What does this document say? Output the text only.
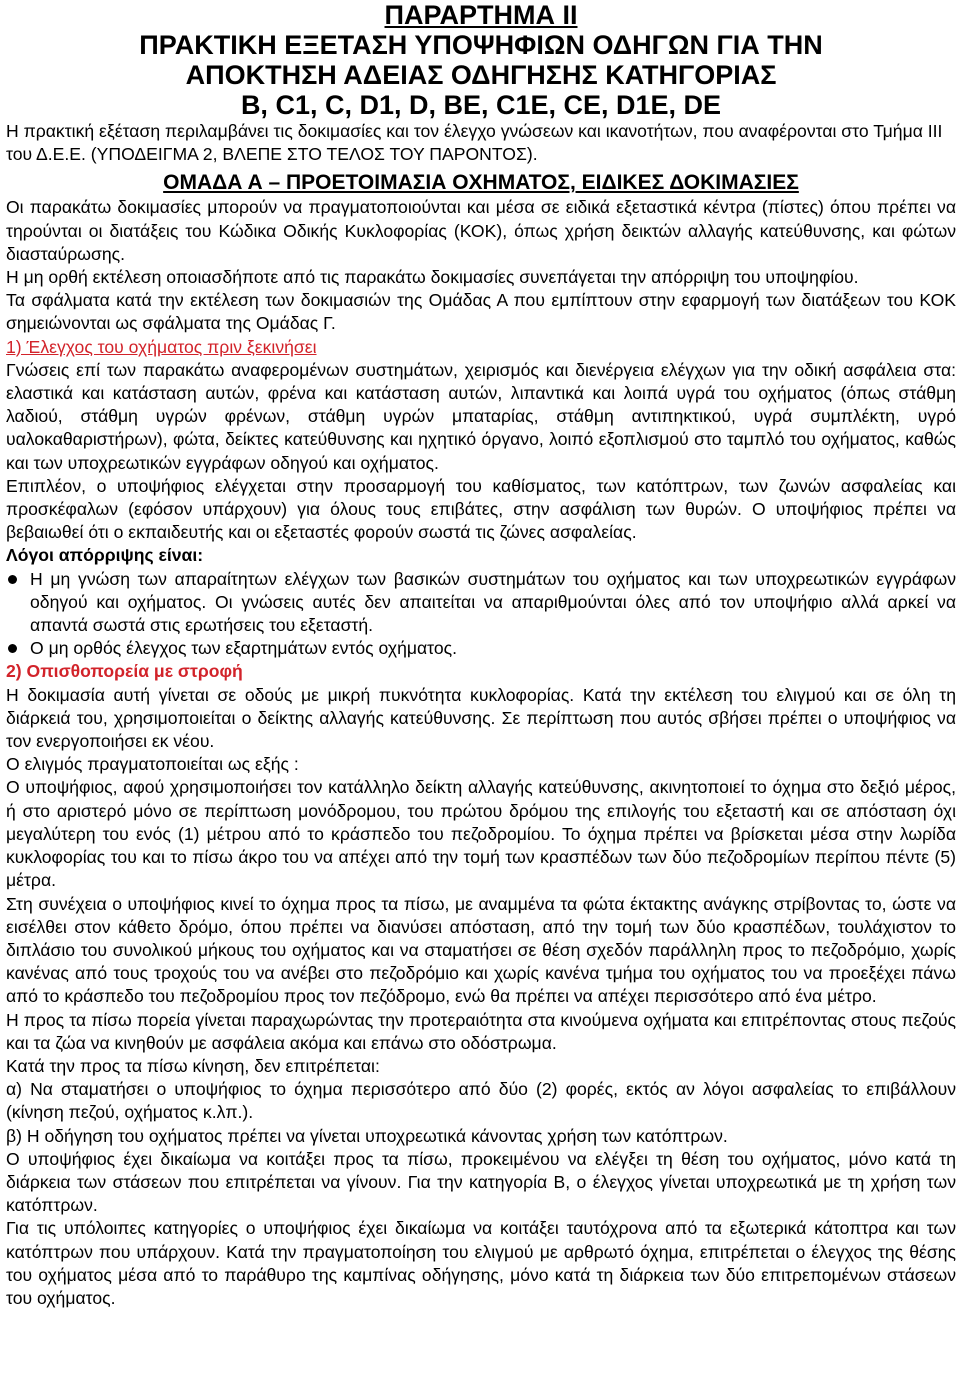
ΠΑΡΑΡΤΗΜΑ ΙΙ
ΠΡΑΚΤΙΚΗ ΕΞΕΤΑΣΗ ΥΠΟΨΗΦΙΩΝ ΟΔΗΓΩΝ ΓΙΑ ΤΗΝ
ΑΠΟΚΤΗΣΗ ΑΔΕΙΑΣ ΟΔΗΓΗΣΗΣ ΚΑΤΗΓΟΡΙΑΣ
B, C1, C, D1, D, BE, C1E, CE, D1E, DE

Η πρακτική εξέταση περιλαμβάνει τις δοκιμασίες και τον έλεγχο γνώσεων και ικανοτήτων, που αναφέρονται στο Τμήμα ΙΙΙ του Δ.Ε.Ε. (ΥΠΟΔΕΙΓΜΑ 2, ΒΛΕΠΕ ΣΤΟ ΤΕΛΟΣ ΤΟΥ ΠΑΡΟΝΤΟΣ).

ΟΜΑΔΑ Α – ΠΡΟΕΤΟΙΜΑΣΙΑ ΟΧΗΜΑΤΟΣ, ΕΙΔΙΚΕΣ ΔΟΚΙΜΑΣΙΕΣ

Οι παρακάτω δοκιμασίες μπορούν να πραγματοποιούνται και μέσα σε ειδικά εξεταστικά κέντρα (πίστες) όπου πρέπει να τηρούνται οι διατάξεις του Κώδικα Οδικής Κυκλοφορίας (ΚΟΚ), όπως χρήση δεικτών αλλαγής κατεύθυνσης, και φώτων διασταύρωσης.

Η μη ορθή εκτέλεση οποιασδήποτε από τις παρακάτω δοκιμασίες συνεπάγεται την απόρριψη του υποψηφίου.

Τα σφάλματα κατά την εκτέλεση των δοκιμασιών της Ομάδας Α που εμπίπτουν στην εφαρμογή των διατάξεων του ΚΟΚ σημειώνονται ως σφάλματα της Ομάδας Γ.

1) Έλεγχος του οχήματος πριν ξεκινήσει

Γνώσεις επί των παρακάτω αναφερομένων συστημάτων, χειρισμός και διενέργεια ελέγχων για την οδική ασφάλεια στα: ελαστικά και κατάσταση αυτών, φρένα και κατάσταση αυτών, λιπαντικά και λοιπά υγρά του οχήματος (όπως στάθμη λαδιού, στάθμη υγρών φρένων, στάθμη υγρών μπαταρίας, στάθμη αντιπηκτικού, υγρά συμπλέκτη, υγρό υαλοκαθαριστήρων), φώτα, δείκτες κατεύθυνσης και ηχητικό όργανο, λοιπό εξοπλισμού στο ταμπλό του οχήματος, καθώς και των υποχρεωτικών εγγράφων οδηγού και οχήματος.

Επιπλέον, ο υποψήφιος ελέγχεται στην προσαρμογή του καθίσματος, των κατόπτρων, των ζωνών ασφαλείας και προσκέφαλων (εφόσον υπάρχουν) για όλους τους επιβάτες, στην ασφάλιση των θυρών. Ο υποψήφιος πρέπει να βεβαιωθεί ότι ο εκπαιδευτής και οι εξεταστές φορούν σωστά τις ζώνες ασφαλείας.

Λόγοι απόρριψης είναι:

Η μη γνώση των απαραίτητων ελέγχων των βασικών συστημάτων του οχήματος και των υποχρεωτικών εγγράφων οδηγού και οχήματος. Οι γνώσεις αυτές δεν απαιτείται να απαριθμούνται όλες από τον υποψήφιο αλλά αρκεί να απαντά σωστά στις ερωτήσεις του εξεταστή.
Ο μη ορθός έλεγχος των εξαρτημάτων εντός οχήματος.
2) Οπισθοπορεία με στροφή

Η δοκιμασία αυτή γίνεται σε οδούς με μικρή πυκνότητα κυκλοφορίας. Κατά την εκτέλεση του ελιγμού και σε όλη τη διάρκειά του, χρησιμοποιείται ο δείκτης αλλαγής κατεύθυνσης. Σε περίπτωση που αυτός σβήσει πρέπει ο υποψήφιος να τον ενεργοποιήσει εκ νέου.

Ο ελιγμός πραγματοποιείται ως εξής :

Ο υποψήφιος, αφού χρησιμοποιήσει τον κατάλληλο δείκτη αλλαγής κατεύθυνσης, ακινητοποιεί το όχημα στο δεξιό μέρος, ή στο αριστερό μόνο σε περίπτωση μονόδρομου, του πρώτου δρόμου της επιλογής του εξεταστή και σε απόσταση όχι μεγαλύτερη του ενός (1) μέτρου από το κράσπεδο του πεζοδρομίου. Το όχημα πρέπει να βρίσκεται μέσα στην λωρίδα κυκλοφορίας του και το πίσω άκρο του να απέχει από την τομή των κρασπέδων των δύο πεζοδρομίων περίπου πέντε (5) μέτρα.

Στη συνέχεια ο υποψήφιος κινεί το όχημα προς τα πίσω, με αναμμένα τα φώτα έκτακτης ανάγκης στρίβοντας το, ώστε να εισέλθει στον κάθετο δρόμο, όπου πρέπει να διανύσει απόσταση, από την τομή των δύο κρασπέδων, τουλάχιστον το διπλάσιο του συνολικού μήκους του οχήματος και να σταματήσει σε θέση σχεδόν παράλληλη προς το πεζοδρόμιο, χωρίς κανένας από τους τροχούς του να ανέβει στο πεζοδρόμιο και χωρίς κανένα τμήμα του οχήματος του να προεξέχει πάνω από το κράσπεδο του πεζοδρομίου προς τον πεζόδρομο, ενώ θα πρέπει να απέχει περισσότερο από ένα μέτρο.

Η προς τα πίσω πορεία γίνεται παραχωρώντας την προτεραιότητα στα κινούμενα οχήματα και επιτρέποντας στους πεζούς και τα ζώα να κινηθούν με ασφάλεια ακόμα και επάνω στο οδόστρωμα.

Κατά την προς τα πίσω κίνηση, δεν επιτρέπεται:

α) Να σταματήσει ο υποψήφιος το όχημα περισσότερο από δύο (2) φορές, εκτός αν λόγοι ασφαλείας το επιβάλλουν (κίνηση πεζού, οχήματος κ.λπ.).

β) Η οδήγηση του οχήματος πρέπει να γίνεται υποχρεωτικά κάνοντας χρήση των κατόπτρων.

Ο υποψήφιος έχει δικαίωμα να κοιτάξει προς τα πίσω, προκειμένου να ελέγξει τη θέση του οχήματος, μόνο κατά τη διάρκεια των στάσεων που επιτρέπεται να γίνουν. Για την κατηγορία Β, ο έλεγχος γίνεται υποχρεωτικά με τη χρήση των κατόπτρων.

Για τις υπόλοιπες κατηγορίες ο υποψήφιος έχει δικαίωμα να κοιτάξει ταυτόχρονα από τα εξωτερικά κάτοπτρα και των κατόπτρων που υπάρχουν. Κατά την πραγματοποίηση του ελιγμού με αρθρωτό όχημα, επιτρέπεται ο έλεγχος της θέσης του οχήματος μέσα από το παράθυρο της καμπίνας οδήγησης, μόνο κατά τη διάρκεια των δύο επιτρεπομένων στάσεων του οχήματος.
